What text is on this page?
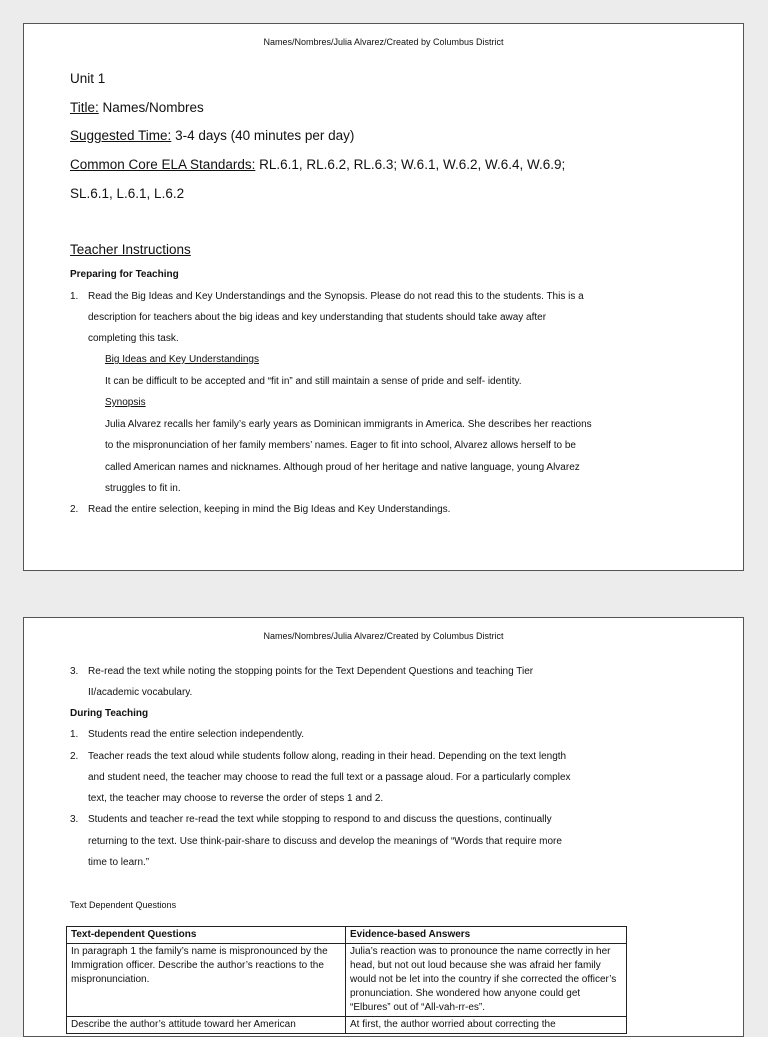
Names/Nombres/Julia Alvarez/Created by Columbus District
Unit 1
Title: Names/Nombres
Suggested Time: 3-4 days (40 minutes per day)
Common Core ELA Standards: RL.6.1, RL.6.2, RL.6.3; W.6.1, W.6.2, W.6.4, W.6.9;
SL.6.1, L.6.1, L.6.2
Teacher Instructions
Preparing for Teaching
1. Read the Big Ideas and Key Understandings and the Synopsis. Please do not read this to the students. This is a
description for teachers about the big ideas and key understanding that students should take away after
completing this task.
Big Ideas and Key Understandings
It can be difficult to be accepted and “fit in” and still maintain a sense of pride and self- identity.
Synopsis
Julia Alvarez recalls her family’s early years as Dominican immigrants in America. She describes her reactions
to the mispronunciation of her family members’ names. Eager to fit into school, Alvarez allows herself to be
called American names and nicknames. Although proud of her heritage and native language, young Alvarez
struggles to fit in.
2. Read the entire selection, keeping in mind the Big Ideas and Key Understandings.
Names/Nombres/Julia Alvarez/Created by Columbus District
3. Re-read the text while noting the stopping points for the Text Dependent Questions and teaching Tier
II/academic vocabulary.
During Teaching
1. Students read the entire selection independently.
2. Teacher reads the text aloud while students follow along, reading in their head. Depending on the text length
and student need, the teacher may choose to read the full text or a passage aloud. For a particularly complex
text, the teacher may choose to reverse the order of steps 1 and 2.
3. Students and teacher re-read the text while stopping to respond to and discuss the questions, continually
returning to the text. Use think-pair-share to discuss and develop the meanings of “Words that require more
time to learn.”
Text Dependent Questions
Text-dependent Questions	Evidence-based Answers
In paragraph 1 the family’s name is mispronounced by the Immigration officer. Describe the author’s reactions to the mispronunciation.	Julia’s reaction was to pronounce the name correctly in her head, but not out loud because she was afraid her family would not be let into the country if she corrected the officer’s pronunciation. She wondered how anyone could get “Elbures” out of “All-vah-rr-es”.
Describe the author’s attitude toward her American	At first, the author worried about correcting the
